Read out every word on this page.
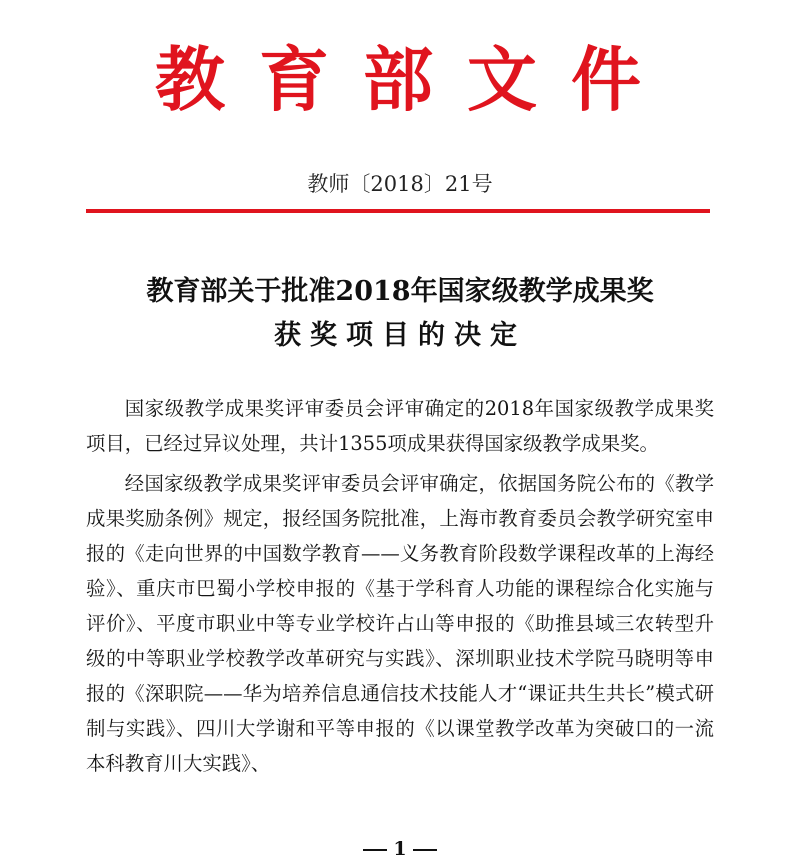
教育部文件
教师〔2018〕21号
教育部关于批准2018年国家级教学成果奖
获奖项目的决定

国家级教学成果奖评审委员会评审确定的2018年国家级教学成果奖项目，已经过异议处理，共计1355项成果获得国家级教学成果奖。

经国家级教学成果奖评审委员会评审确定，依据国务院公布的《教学成果奖励条例》规定，报经国务院批准，上海市教育委员会教学研究室申报的《走向世界的中国数学教育——义务教育阶段数学课程改革的上海经验》、重庆市巴蜀小学校申报的《基于学科育人功能的课程综合化实施与评价》、平度市职业中等专业学校许占山等申报的《助推县域三农转型升级的中等职业学校教学改革研究与实践》、深圳职业技术学院马晓明等申报的《深职院——华为培养信息通信技术技能人才“课证共生共长”模式研制与实践》、四川大学谢和平等申报的《以课堂教学改革为突破口的一流本科教育川大实践》、

1
